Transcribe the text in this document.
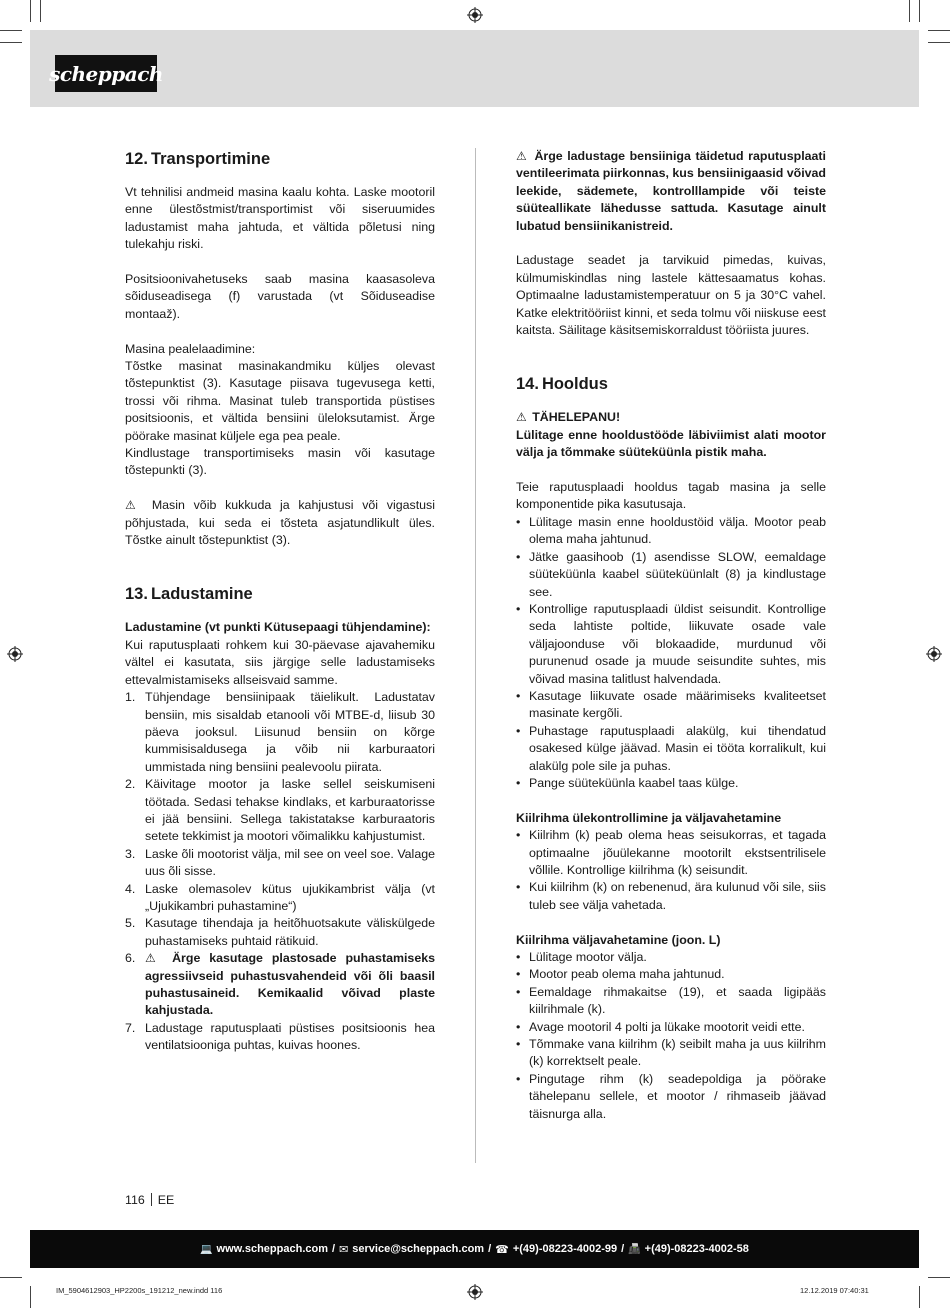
scheppach
12. Transportimine

Vt tehnilisi andmeid masina kaalu kohta. Laske mootoril enne ülestõstmist/transportimist või siseruumides ladustamist maha jahtuda, et vältida põletusi ning tulekahju riski.

Positsioonivahetuseks saab masina kaasasoleva sõiduseadisega (f) varustada (vt Sõiduseadise montaaž).

Masina pealelaadimine:

Tõstke masinat masinakandmiku küljes olevast tõstepunktist (3). Kasutage piisava tugevusega ketti, trossi või rihma. Masinat tuleb transportida püstises positsioonis, et vältida bensiini üleloksutamist. Ärge pöörake masinat küljele ega pea peale.

Kindlustage transportimiseks masin või kasutage tõstepunkti (3).

⚠ Masin võib kukkuda ja kahjustusi või vigastusi põhjustada, kui seda ei tõsteta asjatundlikult üles. Tõstke ainult tõstepunktist (3).

13. Ladustamine

Ladustamine (vt punkti Kütusepaagi tühjendamine):

Kui raputusplaati rohkem kui 30-päevase ajavahemiku vältel ei kasutata, siis järgige selle ladustamiseks ettevalmistamiseks allseisvaid samme.

1. Tühjendage bensiinipaak täielikult. Ladustatav bensiin, mis sisaldab etanooli või MTBE-d, liisub 30 päeva jooksul. Liisunud bensiin on kõrge kummisisaldusega ja võib nii karburaatori ummistada ning bensiini pealevoolu piirata.
2. Käivitage mootor ja laske sellel seiskumiseni töötada. Sedasi tehakse kindlaks, et karburaatorisse ei jää bensiini. Sellega takistatakse karburaatoris setete tekkimist ja mootori võimalikku kahjustumist.
3. Laske õli mootorist välja, mil see on veel soe. Valage uus õli sisse.
4. Laske olemasolev kütus ujukikambrist välja (vt „Ujukikambri puhastamine“)
5. Kasutage tihendaja ja heitõhuotsakute väliskülgede puhastamiseks puhtaid rätikuid.
6. ⚠ Ärge kasutage plastosade puhastamiseks agressiivseid puhastusvahendeid või õli baasil puhastusaineid. Kemikaalid võivad plaste kahjustada.
7. Ladustage raputusplaati püstises positsioonis hea ventilatsiooniga puhtas, kuivas hoones.

⚠ Ärge ladustage bensiiniga täidetud raputusplaati ventileerimata piirkonnas, kus bensiinigaasid võivad leekide, sädemete, kontrolllampide või teiste süüteallikate lähedusse sattuda. Kasutage ainult lubatud bensiinikanistreid.

Ladustage seadet ja tarvikuid pimedas, kuivas, külmumiskindlas ning lastele kättesaamatus kohas. Optimaalne ladustamistemperatuur on 5 ja 30°C vahel. Katke elektritööriist kinni, et seda tolmu või niiskuse eest kaitsta. Säilitage käsitsemiskorraldust tööriista juures.

14. Hooldus

⚠ TÄHELEPANU!

Lülitage enne hooldustööde läbiviimist alati mootor välja ja tõmmake süüteküünla pistik maha.

Teie raputusplaadi hooldus tagab masina ja selle komponentide pika kasutusaja.

• Lülitage masin enne hooldustöid välja. Mootor peab olema maha jahtunud.
• Jätke gaasihoob (1) asendisse SLOW, eemaldage süüteküünla kaabel süüteküünlalt (8) ja kindlustage see.
• Kontrollige raputusplaadi üldist seisundit. Kontrollige seda lahtiste poltide, liikuvate osade vale väljajoonduse või blokaadide, murdunud või purunenud osade ja muude seisundite suhtes, mis võivad masina talitlust halvendada.
• Kasutage liikuvate osade määrimiseks kvaliteetset masinate kergõli.
• Puhastage raputusplaadi alakülg, kui tihendatud osakesed külge jäävad. Masin ei tööta korralikult, kui alakülg pole sile ja puhas.
• Pange süüteküünla kaabel taas külge.

Kiilrihma ülekontrollimine ja väljavahetamine

• Kiilrihm (k) peab olema heas seisukorras, et tagada optimaalne jõuülekanne mootorilt ekstsentrilisele võllile. Kontrollige kiilrihma (k) seisundit.
• Kui kiilrihm (k) on rebenenud, ära kulunud või sile, siis tuleb see välja vahetada.

Kiilrihma väljavahetamine (joon. L)

• Lülitage mootor välja.
• Mootor peab olema maha jahtunud.
• Eemaldage rihmakaitse (19), et saada ligipääs kiilrihmale (k).
• Avage mootoril 4 polti ja lükake mootorit veidi ette.
• Tõmmake vana kiilrihm (k) seibilt maha ja uus kiilrihm (k) korrektselt peale.
• Pingutage rihm (k) seadepoldiga ja pöörake tähelepanu sellele, et mootor / rihmaseib jäävad täisnurga alla.
116 EE
💻 www.scheppach.com / ✉ service@scheppach.com / ☎ +(49)-08223-4002-99 / 📠 +(49)-08223-4002-58
IM_5904612903_HP2200s_191212_new.indd 116	12.12.2019 07:40:31
